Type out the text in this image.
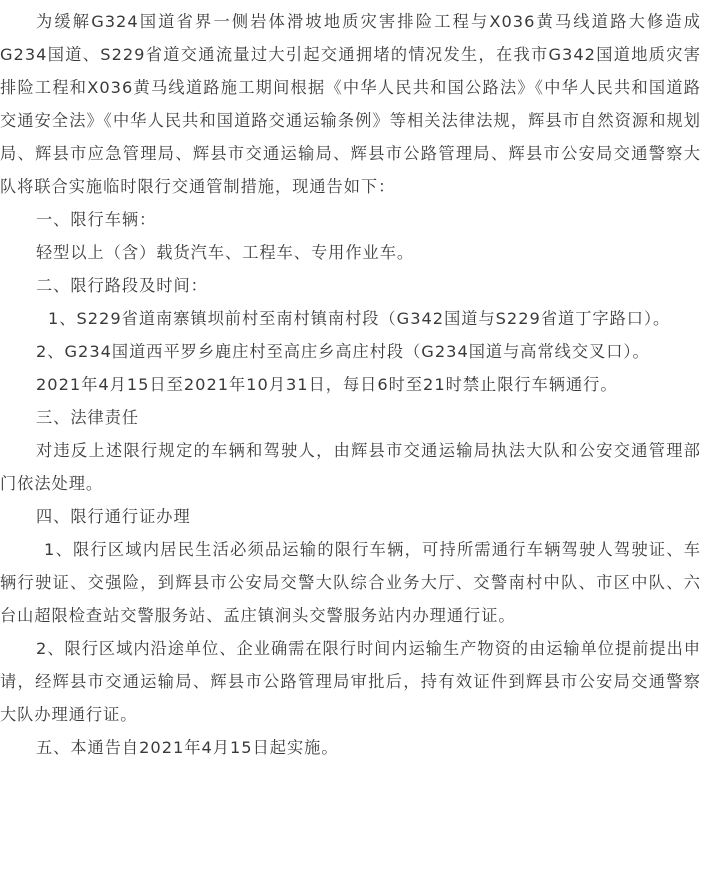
为缓解G324国道省界一侧岩体滑坡地质灾害排险工程与X036黄马线道路大修造成G234国道、S229省道交通流量过大引起交通拥堵的情况发生，在我市G342国道地质灾害排险工程和X036黄马线道路施工期间根据《中华人民共和国公路法》《中华人民共和国道路交通安全法》《中华人民共和国道路交通运输条例》等相关法律法规，辉县市自然资源和规划局、辉县市应急管理局、辉县市交通运输局、辉县市公路管理局、辉县市公安局交通警察大队将联合实施临时限行交通管制措施，现通告如下：

一、限行车辆：

轻型以上（含）载货汽车、工程车、专用作业车。

二、限行路段及时间：

1、S229省道南寨镇坝前村至南村镇南村段（G342国道与S229省道丁字路口）。

2、G234国道西平罗乡鹿庄村至高庄乡高庄村段（G234国道与高常线交叉口）。

2021年4月15日至2021年10月31日，每日6时至21时禁止限行车辆通行。

三、法律责任

对违反上述限行规定的车辆和驾驶人，由辉县市交通运输局执法大队和公安交通管理部门依法处理。

四、限行通行证办理

1、限行区域内居民生活必须品运输的限行车辆，可持所需通行车辆驾驶人驾驶证、车辆行驶证、交强险，到辉县市公安局交警大队综合业务大厅、交警南村中队、市区中队、六台山超限检查站交警服务站、孟庄镇涧头交警服务站内办理通行证。

2、限行区域内沿途单位、企业确需在限行时间内运输生产物资的由运输单位提前提出申请，经辉县市交通运输局、辉县市公路管理局审批后，持有效证件到辉县市公安局交通警察大队办理通行证。

五、本通告自2021年4月15日起实施。
